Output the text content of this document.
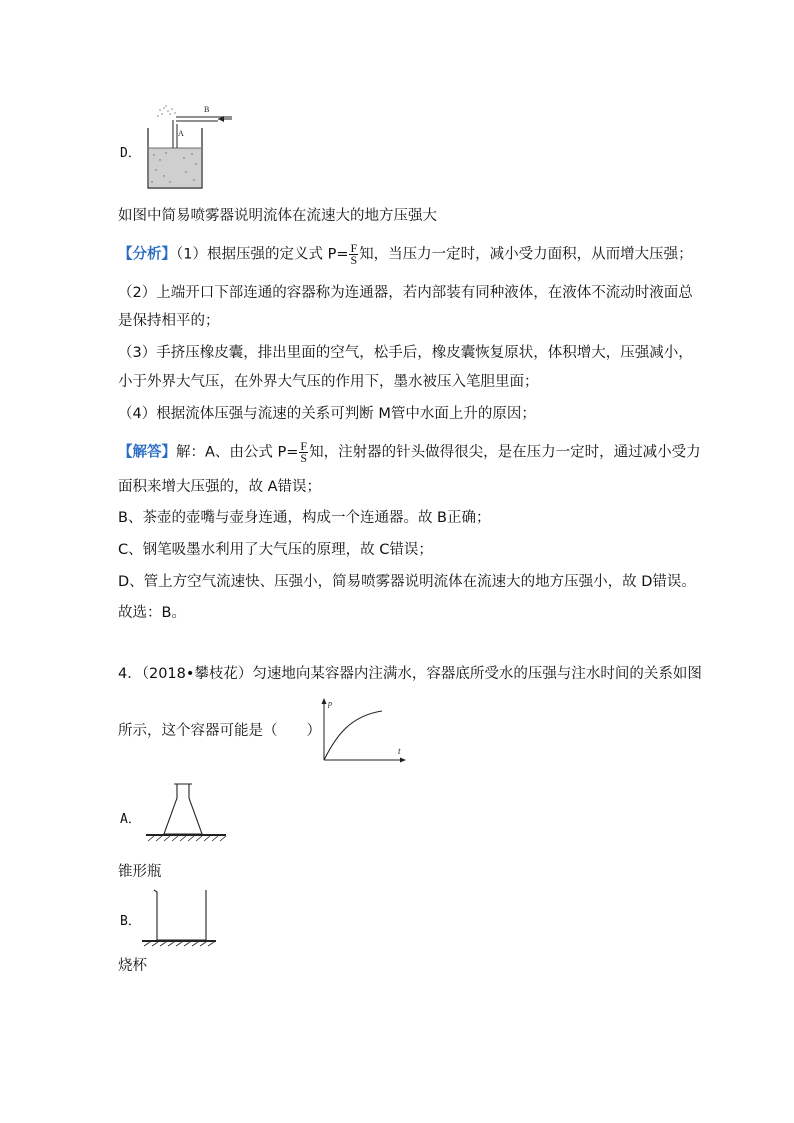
D．
B
A
如图中简易喷雾器说明流体在流速大的地方压强大
【分析】（1）根据压强的定义式 $P= \frac{F}{S}$ 知，当压力一定时，减小受力面积，从而增大压强；
（2）上端开口下部连通的容器称为连通器，若内部装有同种液体，在液体不流动时液面总
是保持相平的；
（3）手挤压橡皮囊，排出里面的空气，松手后，橡皮囊恢复原状，体积增大，压强减小，
小于外界大气压，在外界大气压的作用下，墨水被压入笔胆里面；
（4）根据流体压强与流速的关系可判断 M管中水面上升的原因；
【解答】解：A、由公式 $P= \frac{F}{S}$ 知，注射器的针头做得很尖，是在压力一定时，通过减小受力
面积来增大压强的，故 A错误；
B、茶壶的壶嘴与壶身连通，构成一个连通器。故 B正确；
C、钢笔吸墨水利用了大气压的原理，故 C错误；
D、管上方空气流速快、压强小，简易喷雾器说明流体在流速大的地方压强小，故 D错误。
故选：B。
4．（2018•攀枝花）匀速地向某容器内注满水，容器底所受水的压强与注水时间的关系如图
所示，这个容器可能是（　　）
p
t
A．
锥形瓶
B．
烧杯
